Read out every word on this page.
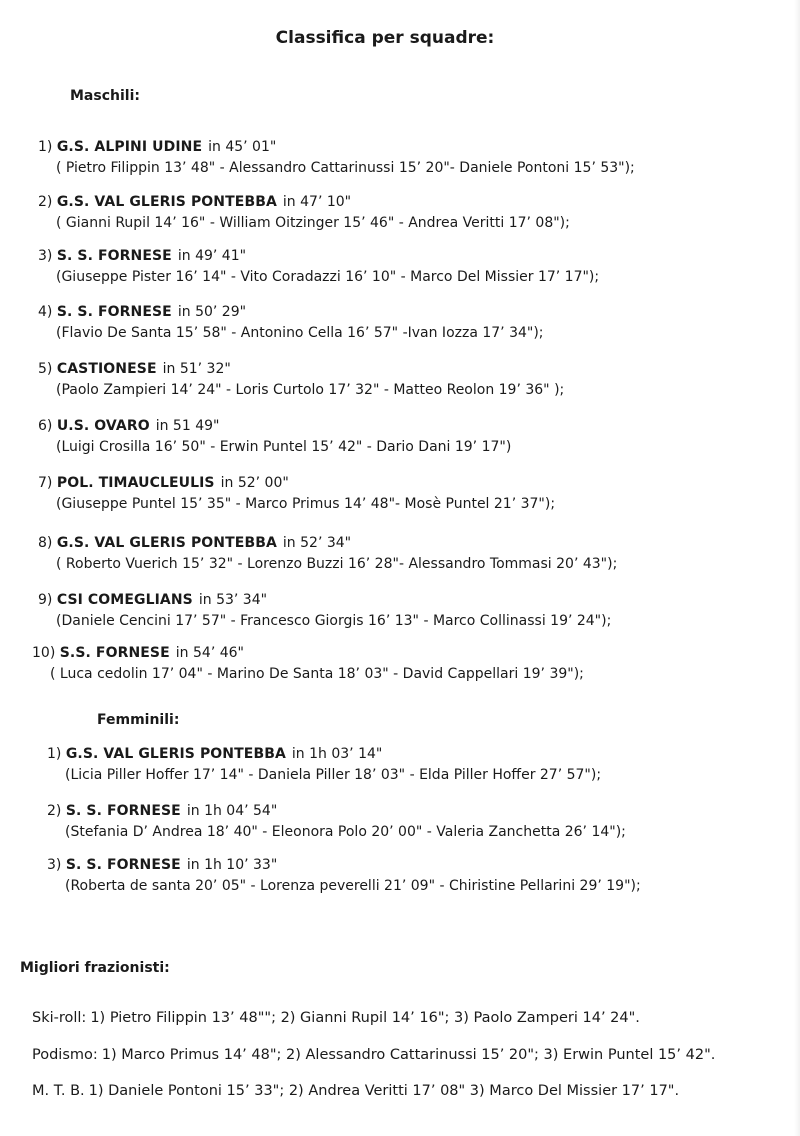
Classifica per squadre:
Maschili:
1) G.S. ALPINI UDINE in 45’ 01"
( Pietro Filippin 13’ 48" - Alessandro Cattarinussi 15’ 20"- Daniele Pontoni 15’ 53");
2) G.S. VAL GLERIS PONTEBBA in 47’ 10"
( Gianni Rupil 14’ 16" - William Oitzinger 15’ 46" - Andrea Veritti 17’ 08");
3) S. S. FORNESE in 49’ 41"
(Giuseppe Pister 16’ 14" - Vito Coradazzi 16’ 10" - Marco Del Missier 17’ 17");
4) S. S. FORNESE in 50’ 29"
(Flavio De Santa 15’ 58" - Antonino Cella 16’ 57" -Ivan Iozza 17’ 34");
5) CASTIONESE in 51’ 32"
(Paolo Zampieri 14’ 24" - Loris Curtolo 17’ 32" - Matteo Reolon 19’ 36" );
6) U.S. OVARO in 51 49"
(Luigi Crosilla 16’ 50" - Erwin Puntel 15’ 42" - Dario Dani 19’ 17")
7) POL. TIMAUCLEULIS in 52’ 00"
(Giuseppe Puntel 15’ 35" - Marco Primus 14’ 48"- Mosè Puntel 21’ 37");
8) G.S. VAL GLERIS PONTEBBA in 52’ 34"
( Roberto Vuerich 15’ 32" - Lorenzo Buzzi 16’ 28"- Alessandro Tommasi 20’ 43");
9) CSI COMEGLIANS in 53’ 34"
(Daniele Cencini 17’ 57" - Francesco Giorgis 16’ 13" - Marco Collinassi 19’ 24");
10) S.S. FORNESE in 54’ 46"
( Luca cedolin 17’ 04" - Marino De Santa 18’ 03" - David Cappellari 19’ 39");
Femminili:
1) G.S. VAL GLERIS PONTEBBA in 1h 03’ 14"
(Licia Piller Hoffer 17’ 14" - Daniela Piller 18’ 03" - Elda Piller Hoffer 27’ 57");
2) S. S. FORNESE in 1h 04’ 54"
(Stefania D’ Andrea 18’ 40" - Eleonora Polo 20’ 00" - Valeria Zanchetta 26’ 14");
3) S. S. FORNESE in 1h 10’ 33"
(Roberta de santa 20’ 05" - Lorenza peverelli 21’ 09" - Chiristine Pellarini 29’ 19");
Migliori frazionisti:
Ski-roll: 1) Pietro Filippin 13’ 48""; 2) Gianni Rupil 14’ 16"; 3) Paolo Zamperi 14’ 24".
Podismo: 1) Marco Primus 14’ 48"; 2) Alessandro Cattarinussi 15’ 20"; 3) Erwin Puntel 15’ 42".
M. T. B. 1) Daniele Pontoni 15’ 33"; 2) Andrea Veritti 17’ 08" 3) Marco Del Missier 17’ 17".
